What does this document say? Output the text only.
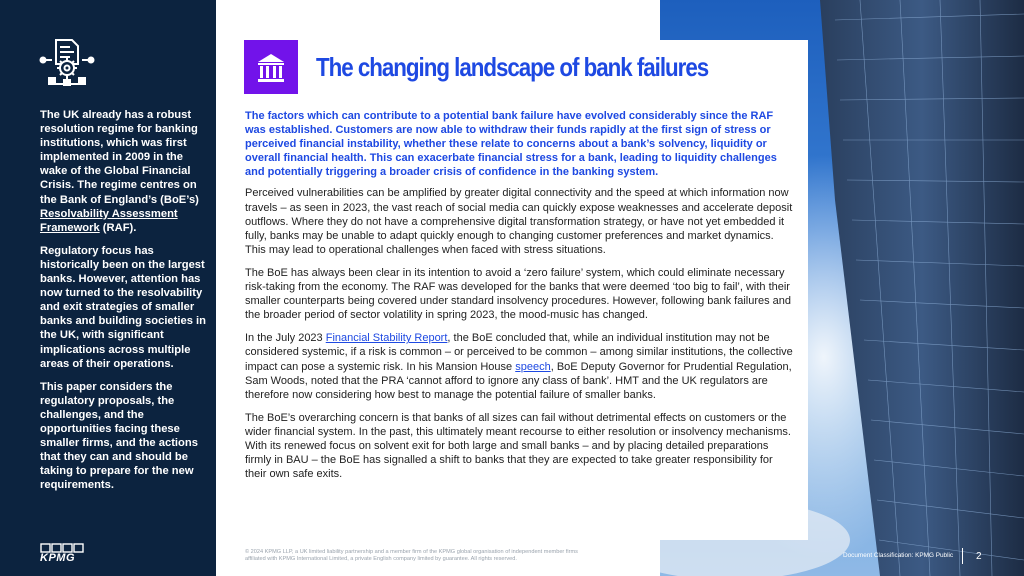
The UK already has a robust resolution regime for banking institutions, which was first implemented in 2009 in the wake of the Global Financial Crisis. The regime centres on the Bank of England’s (BoE’s) Resolvability Assessment Framework (RAF).

Regulatory focus has historically been on the largest banks. However, attention has now turned to the resolvability and exit strategies of smaller banks and building societies in the UK, with significant implications across multiple areas of their operations.

This paper considers the regulatory proposals, the challenges, and the opportunities facing these smaller firms, and the actions that they can and should be taking to prepare for the new requirements.

KPMG
The changing landscape of bank failures

The factors which can contribute to a potential bank failure have evolved considerably since the RAF was established. Customers are now able to withdraw their funds rapidly at the first sign of stress or perceived financial instability, whether these relate to concerns about a bank’s solvency, liquidity or overall financial health. This can exacerbate financial stress for a bank, leading to liquidity challenges and potentially triggering a broader crisis of confidence in the banking system.

Perceived vulnerabilities can be amplified by greater digital connectivity and the speed at which information now travels – as seen in 2023, the vast reach of social media can quickly expose weaknesses and accelerate deposit outflows. Where they do not have a comprehensive digital transformation strategy, or have not yet embedded it fully, banks may be unable to adapt quickly enough to changing customer preferences and market dynamics. This may lead to operational challenges when faced with stress situations.

The BoE has always been clear in its intention to avoid a ‘zero failure’ system, which could eliminate necessary risk-taking from the economy. The RAF was developed for the banks that were deemed ‘too big to fail’, with their smaller counterparts being covered under standard insolvency procedures. However, following bank failures and the broader period of sector volatility in spring 2023, the mood-music has changed.

In the July 2023 Financial Stability Report, the BoE concluded that, while an individual institution may not be considered systemic, if a risk is common – or perceived to be common – among similar institutions, the collective impact can pose a systemic risk. In his Mansion House speech, BoE Deputy Governor for Prudential Regulation, Sam Woods, noted that the PRA ‘cannot afford to ignore any class of bank’. HMT and the UK regulators are therefore now considering how best to manage the potential failure of smaller banks.

The BoE’s overarching concern is that banks of all sizes can fail without detrimental effects on customers or the wider financial system. In the past, this ultimately meant recourse to either resolution or insolvency mechanisms. With its renewed focus on solvent exit for both large and small banks – and by placing detailed preparations firmly in BAU – the BoE has signalled a shift to banks that they are expected to take greater responsibility for their own safe exits.

© 2024 KPMG LLP, a UK limited liability partnership and a member firm of the KPMG global organisation of independent member firms
affiliated with KPMG International Limited, a private English company limited by guarantee. All rights reserved.
Document Classification: KPMG Public 2
